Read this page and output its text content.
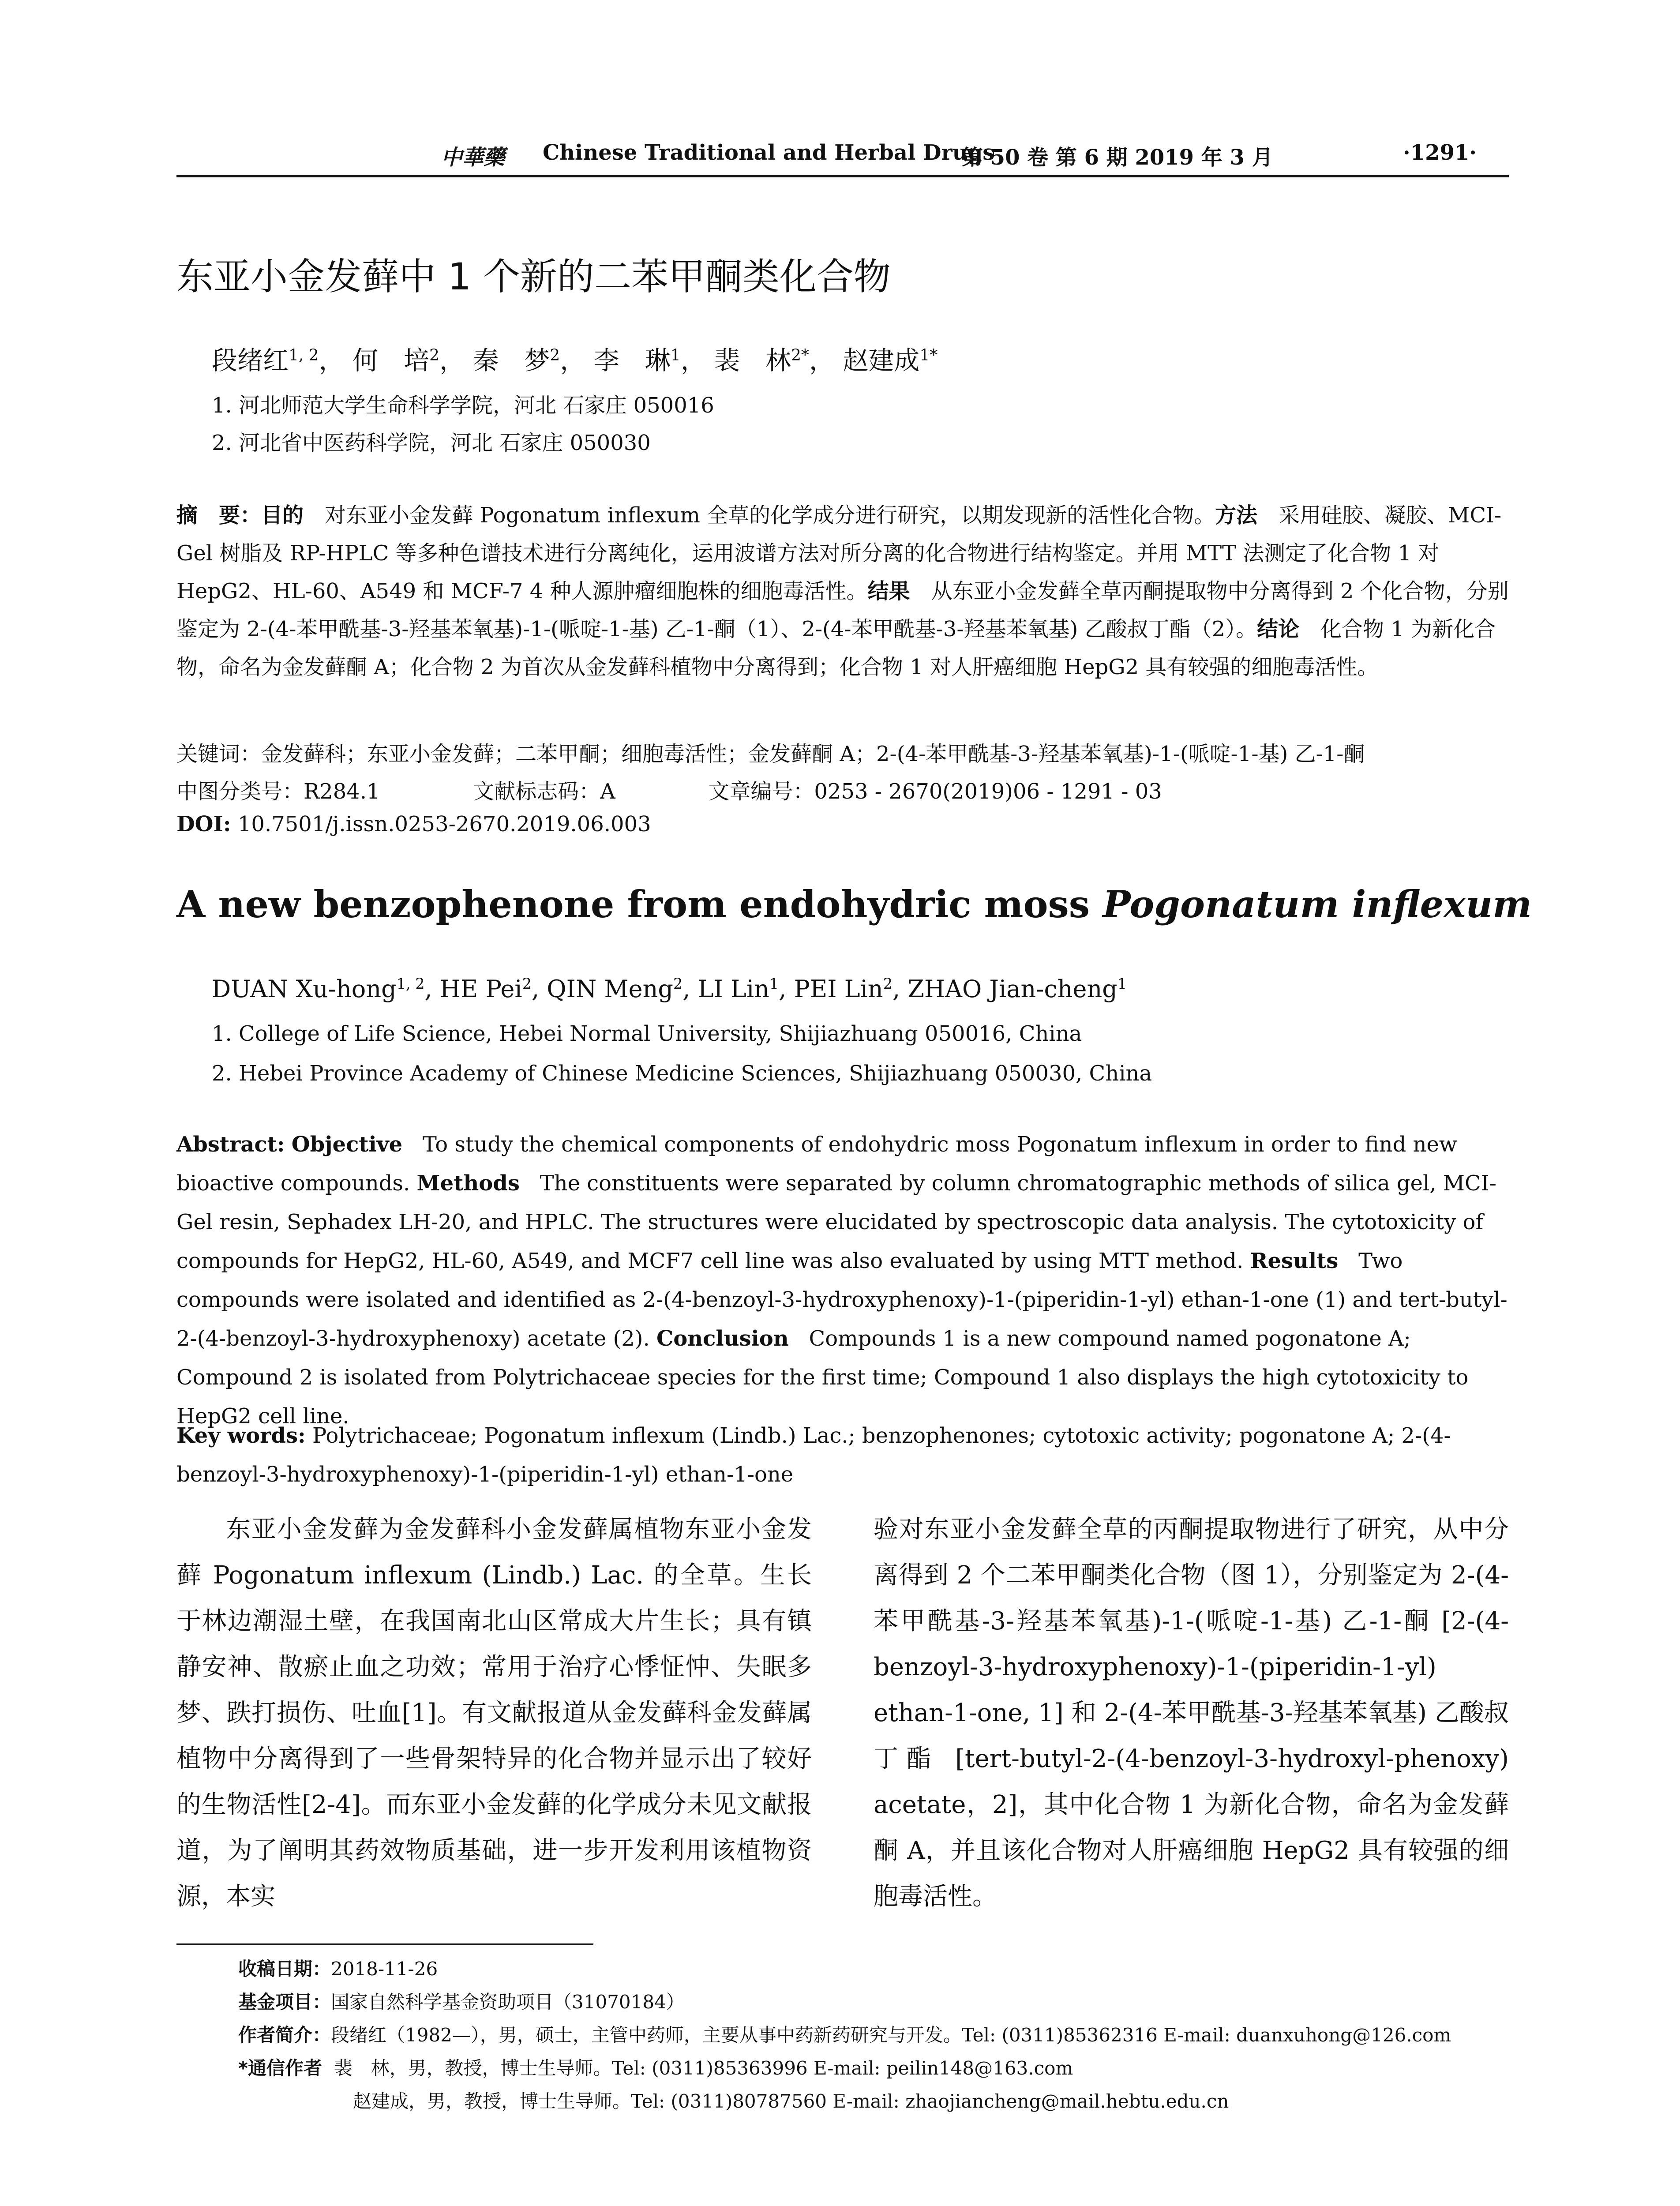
中華藥 Chinese Traditional and Herbal Drugs
第 50 卷 第 6 期 2019 年 3 月	·1291·
东亚小金发藓中 1 个新的二苯甲酮类化合物
段绪红$^{1, 2}$， 何　培$^2$， 秦　梦$^2$， 李　琳$^1$， 裴　林$^{2*}$， 赵建成$^{1*}$
1. 河北师范大学生命科学学院，河北 石家庄 050016
2. 河北省中医药科学院，河北 石家庄 050030
摘　要：目的　 对东亚小金发藓 Pogonatum inflexum 全草的化学成分进行研究，以期发现新的活性化合物。方法　 采用硅胶、凝胶、MCI-Gel 树脂及 RP-HPLC 等多种色谱技术进行分离纯化，运用波谱方法对所分离的化合物进行结构鉴定。并用 MTT 法测定了化合物 1 对 HepG2、HL-60、A549 和 MCF-7 4 种人源肿瘤细胞株的细胞毒活性。结果　 从东亚小金发藓全草丙酮提取物中分离得到 2 个化合物，分别鉴定为 2-(4-苯甲酰基-3-羟基苯氧基)-1-(哌啶-1-基) 乙-1-酮（1）、2-(4-苯甲酰基-3-羟基苯氧基) 乙酸叔丁酯（2）。结论　 化合物 1 为新化合物，命名为金发藓酮 A；化合物 2 为首次从金发藓科植物中分离得到；化合物 1 对人肝癌细胞 HepG2 具有较强的细胞毒活性。
关键词：金发藓科；东亚小金发藓；二苯甲酮；细胞毒活性；金发藓酮 A；2-(4-苯甲酰基-3-羟基苯氧基)-1-(哌啶-1-基) 乙-1-酮
中图分类号：R284.1	文献标志码：A	文章编号：0253 - 2670(2019)06 - 1291 - 03
DOI: 10.7501/j.issn.0253-2670.2019.06.003
A new benzophenone from endohydric moss Pogonatum inflexum
DUAN Xu-hong$^{1, 2}$, HE Pei$^2$, QIN Meng$^2$, LI Lin$^1$, PEI Lin$^2$, ZHAO Jian-cheng$^1$
1. College of Life Science, Hebei Normal University, Shijiazhuang 050016, China
2. Hebei Province Academy of Chinese Medicine Sciences, Shijiazhuang 050030, China
Abstract: Objective To study the chemical components of endohydric moss Pogonatum inflexum in order to find new bioactive compounds. Methods The constituents were separated by column chromatographic methods of silica gel, MCI-Gel resin, Sephadex LH-20, and HPLC. The structures were elucidated by spectroscopic data analysis. The cytotoxicity of compounds for HepG2, HL-60, A549, and MCF7 cell line was also evaluated by using MTT method. Results Two compounds were isolated and identified as 2-(4-benzoyl-3-hydroxyphenoxy)-1-(piperidin-1-yl) ethan-1-one (1) and tert-butyl-2-(4-benzoyl-3-hydroxyphenoxy) acetate (2). Conclusion Compounds 1 is a new compound named pogonatone A; Compound 2 is isolated from Polytrichaceae species for the first time; Compound 1 also displays the high cytotoxicity to HepG2 cell line.
Key words: Polytrichaceae; Pogonatum inflexum (Lindb.) Lac.; benzophenones; cytotoxic activity; pogonatone A; 2-(4-benzoyl-3-hydroxyphenoxy)-1-(piperidin-1-yl) ethan-1-one
东亚小金发藓为金发藓科小金发藓属植物东亚小金发藓 Pogonatum inflexum (Lindb.) Lac. 的全草。生长于林边潮湿土壁，在我国南北山区常成大片生长；具有镇静安神、散瘀止血之功效；常用于治疗心悸怔忡、失眠多梦、跌打损伤、吐血[1]。有文献报道从金发藓科金发藓属植物中分离得到了一些骨架特异的化合物并显示出了较好的生物活性[2-4]。而东亚小金发藓的化学成分未见文献报道，为了阐明其药效物质基础，进一步开发利用该植物资源，本实
验对东亚小金发藓全草的丙酮提取物进行了研究，从中分离得到 2 个二苯甲酮类化合物（图 1），分别鉴定为 2-(4-苯甲酰基-3-羟基苯氧基)-1-(哌啶-1-基) 乙-1-酮 [2-(4-benzoyl-3-hydroxyphenoxy)-1-(piperidin-1-yl) ethan-1-one, 1] 和 2-(4-苯甲酰基-3-羟基苯氧基) 乙酸叔丁酯 [tert-butyl-2-(4-benzoyl-3-hydroxyl-phenoxy) acetate，2]，其中化合物 1 为新化合物，命名为金发藓酮 A，并且该化合物对人肝癌细胞 HepG2 具有较强的细胞毒活性。
收稿日期：2018-11-26
基金项目：国家自然科学基金资助项目（31070184）
作者简介：段绪红（1982—），男，硕士，主管中药师，主要从事中药新药研究与开发。Tel: (0311)85362316 E-mail: duanxuhong@126.com
*通信作者 裴　林，男，教授，博士生导师。Tel: (0311)85363996 E-mail: peilin148@163.com
赵建成，男，教授，博士生导师。Tel: (0311)80787560 E-mail: zhaojiancheng@mail.hebtu.edu.cn
